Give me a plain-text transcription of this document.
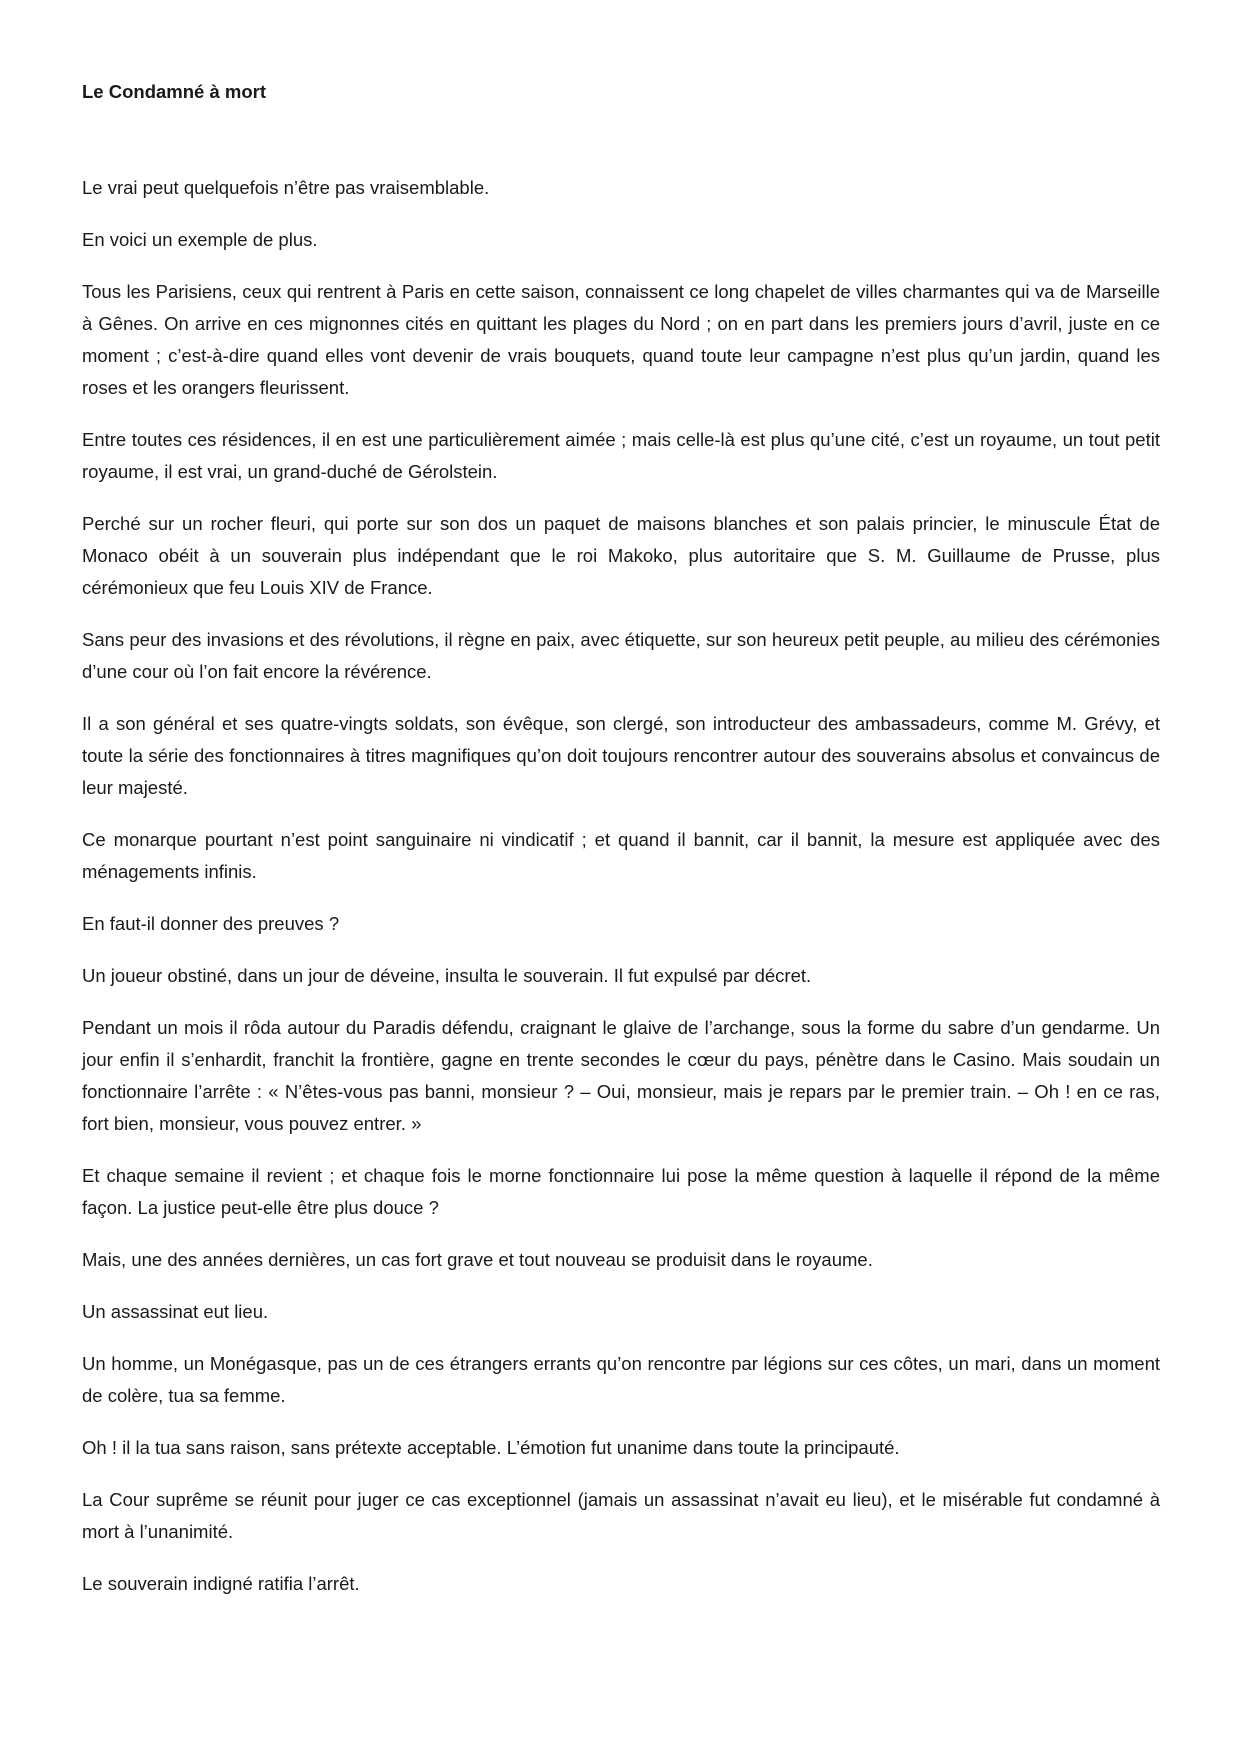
Le Condamné à mort

Le vrai peut quelquefois n’être pas vraisemblable.

En voici un exemple de plus.

Tous les Parisiens, ceux qui rentrent à Paris en cette saison, connaissent ce long chapelet de villes charmantes qui va de Marseille à Gênes. On arrive en ces mignonnes cités en quittant les plages du Nord ; on en part dans les premiers jours d’avril, juste en ce moment ; c’est-à-dire quand elles vont devenir de vrais bouquets, quand toute leur campagne n’est plus qu’un jardin, quand les roses et les orangers fleurissent.

Entre toutes ces résidences, il en est une particulièrement aimée ; mais celle-là est plus qu’une cité, c’est un royaume, un tout petit royaume, il est vrai, un grand-duché de Gérolstein.

Perché sur un rocher fleuri, qui porte sur son dos un paquet de maisons blanches et son palais princier, le minuscule État de Monaco obéit à un souverain plus indépendant que le roi Makoko, plus autoritaire que S. M. Guillaume de Prusse, plus cérémonieux que feu Louis XIV de France.

Sans peur des invasions et des révolutions, il règne en paix, avec étiquette, sur son heureux petit peuple, au milieu des cérémonies d’une cour où l’on fait encore la révérence.

Il a son général et ses quatre-vingts soldats, son évêque, son clergé, son introducteur des ambassadeurs, comme M. Grévy, et toute la série des fonctionnaires à titres magnifiques qu’on doit toujours rencontrer autour des souverains absolus et convaincus de leur majesté.

Ce monarque pourtant n’est point sanguinaire ni vindicatif ; et quand il bannit, car il bannit, la mesure est appliquée avec des ménagements infinis.

En faut-il donner des preuves ?

Un joueur obstiné, dans un jour de déveine, insulta le souverain. Il fut expulsé par décret.

Pendant un mois il rôda autour du Paradis défendu, craignant le glaive de l’archange, sous la forme du sabre d’un gendarme. Un jour enfin il s’enhardit, franchit la frontière, gagne en trente secondes le cœur du pays, pénètre dans le Casino. Mais soudain un fonctionnaire l’arrête : « N’êtes-vous pas banni, monsieur ? – Oui, monsieur, mais je repars par le premier train. – Oh ! en ce ras, fort bien, monsieur, vous pouvez entrer. »

Et chaque semaine il revient ; et chaque fois le morne fonctionnaire lui pose la même question à laquelle il répond de la même façon. La justice peut-elle être plus douce ?

Mais, une des années dernières, un cas fort grave et tout nouveau se produisit dans le royaume.

Un assassinat eut lieu.

Un homme, un Monégasque, pas un de ces étrangers errants qu’on rencontre par légions sur ces côtes, un mari, dans un moment de colère, tua sa femme.

Oh ! il la tua sans raison, sans prétexte acceptable. L’émotion fut unanime dans toute la principauté.

La Cour suprême se réunit pour juger ce cas exceptionnel (jamais un assassinat n’avait eu lieu), et le misérable fut condamné à mort à l’unanimité.

Le souverain indigné ratifia l’arrêt.
